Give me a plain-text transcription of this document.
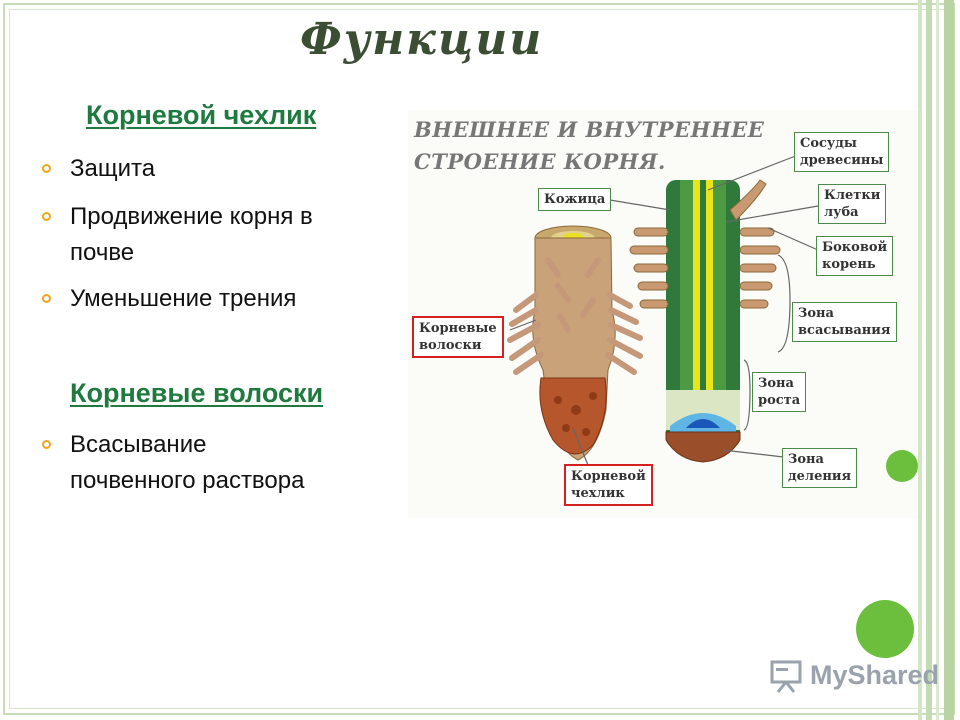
Функции
Корневой чехлик
Защита
Продвижение корня в
почве
Уменьшение трения
Корневые волоски
Всасывание
почвенного раствора
ВНЕШНЕЕ И ВНУТРЕННЕЕ
СТРОЕНИЕ КОРНЯ.
Сосуды
древесины
Кожица	Клетки
луба
Боковой
корень
Зона
всасывания
Корневые
волоски
Зона
роста
Зона
деления
Корневой
чехлик
MyShared
